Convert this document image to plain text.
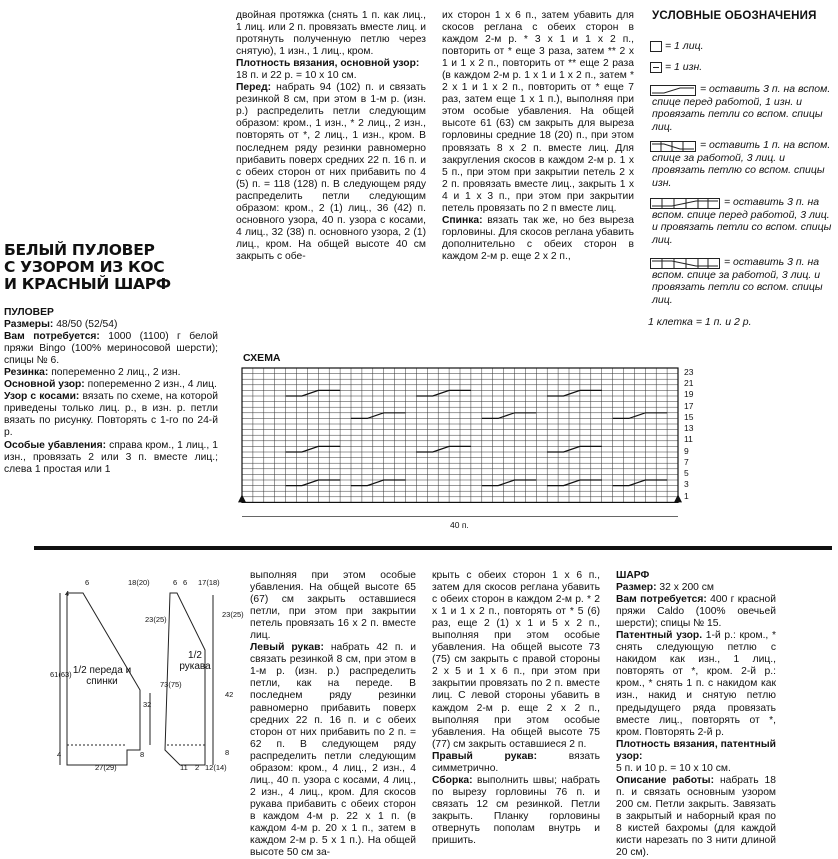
БЕЛЫЙ ПУЛОВЕР
С УЗОРОМ ИЗ КОС
И КРАСНЫЙ ШАРФ

ПУЛОВЕР

Размеры: 48/50 (52/54)

Вам потребуется: 1000 (1100) г белой пряжи Bingo (100% мериносовой шерсти); спицы № 6.

Резинка: попеременно 2 лиц., 2 изн.

Основной узор: попеременно 2 изн., 4 лиц.

Узор с косами: вязать по схеме, на которой приведены только лиц. р., в изн. р. петли вязать по рисунку. Повторять с 1-го по 24-й р.

Особые убавления: справа кром., 1 лиц., 1 изн., провязать 2 или 3 п. вместе лиц.; слева 1 простая или 1

двойная протяжка (снять 1 п. как лиц., 1 лиц. или 2 п. провязать вместе лиц. и протянуть полученную петлю через снятую), 1 изн., 1 лиц., кром.

Плотность вязания, основной узор:

18 п. и 22 р. = 10 х 10 см.

Перед: набрать 94 (102) п. и связать резинкой 8 см, при этом в 1-м р. (изн. р.) распределить петли следующим образом: кром., 1 изн., * 2 лиц., 2 изн., повторять от *, 2 лиц., 1 изн., кром. В последнем ряду резинки равномерно прибавить поверх средних 22 п. 16 п. и с обеих сторон от них прибавить по 4 (5) п. = 118 (128) п. В следующем ряду распределить петли следующим образом: кром., 2 (1) лиц., 36 (42) п. основного узора, 40 п. узора с косами, 4 лиц., 32 (38) п. основного узора, 2 (1) лиц., кром. На общей высоте 40 см закрыть с обе-

их сторон 1 х 6 п., затем убавить для скосов реглана с обеих сторон в каждом 2-м р. * 3 х 1 и 1 х 2 п., повторить от * еще 3 раза, затем ** 2 х 1 и 1 х 2 п., повторить от ** еще 2 раза (в каждом 2-м р. 1 х 1 и 1 х 2 п., затем * 2 х 1 и 1 х 2 п., повторить от * еще 7 раз, затем еще 1 х 1 п.), выполняя при этом особые убавления. На общей высоте 61 (63) см закрыть для выреза горловины средние 18 (20) п., при этом провязать 8 х 2 п. вместе лиц. Для закругления скосов в каждом 2-м р. 1 х 5 п., при этом при закрытии петель 2 х 2 п. провязать вместе лиц., закрыть 1 х 4 и 1 х 3 п., при этом при закрытии петель провязать по 2 п вместе лиц.

Спинка: вязать так же, но без выреза горловины. Для скосов реглана убавить дополнительно с обеих сторон в каждом 2-м р. еще 2 х 2 п.,

УСЛОВНЫЕ ОБОЗНАЧЕНИЯ
= 1 лиц.
= 1 изн.
= оставить 3 п. на вспом. спице перед работой, 1 изн. и провязать петли со вспом. спицы лиц.
= оставить 1 п. на вспом. спице за работой, 3 лиц. и провязать петлю со вспом. спицы изн.
= оставить 3 п. на вспом. спице перед работой, 3 лиц. и провязать петли со вспом. спицы лиц.
= оставить 3 п. на вспом. спице за работой, 3 лиц. и провязать петли со вспом. спицы лиц.
1 клетка = 1 п. и 2 р.
СХЕМА
23
21
19
17
15
13
11
9
7
5
3
1
40 п.
4
6	18(20)
23(25)
61(63)
32
8
27(29)
1/2 переда и спинки
1/2 рукава
6 6 17(18)
23(25)
73(75)
42
8
11 2 12(14)
4

выполняя при этом особые убавления. На общей высоте 65 (67) см закрыть оставшиеся петли, при этом при закрытии петель провязать 16 х 2 п. вместе лиц.

Левый рукав: набрать 42 п. и связать резинкой 8 см, при этом в 1-м р. (изн. р.) распределить петли, как на переде. В последнем ряду резинки равномерно прибавить поверх средних 22 п. 16 п. и с обеих сторон от них прибавить по 2 п. = 62 п. В следующем ряду распределить петли следующим образом: кром., 4 лиц., 2 изн., 4 лиц., 40 п. узора с косами, 4 лиц., 2 изн., 4 лиц., кром. Для скосов рукава прибавить с обеих сторон в каждом 4-м р. 22 х 1 п. (в каждом 4-м р. 20 х 1 п., затем в каждом 2-м р. 5 х 1 п.). На общей высоте 50 см за-

крыть с обеих сторон 1 х 6 п., затем для скосов реглана убавить с обеих сторон в каждом 2-м р. * 2 х 1 и 1 х 2 п., повторять от * 5 (6) раз, еще 2 (1) х 1 и 5 х 2 п., выполняя при этом особые убавления. На общей высоте 73 (75) см закрыть с правой стороны 2 х 5 и 1 х 6 п., при этом при закрытии провязать по 2 п. вместе лиц. С левой стороны убавить в каждом 2-м р. еще 2 х 2 п., выполняя при этом особые убавления. На общей высоте 75 (77) см закрыть оставшиеся 2 п.

Правый рукав:	вязать симметрично.

Сборка: выполнить швы; набрать по вырезу горловины 76 п. и связать 12 см резинкой. Петли закрыть. Планку горловины отвернуть пополам внутрь и пришить.

ШАРФ

Размер: 32 х 200 см

Вам потребуется: 400 г красной пряжи Caldo (100% овечьей шерсти); спицы № 15.

Патентный узор. 1-й р.: кром., * снять следующую петлю с накидом как изн., 1 лиц., повторять от *, кром. 2-й р.: кром., * снять 1 п. с накидом как изн., накид и снятую петлю предыдущего ряда провязать вместе лиц., повторять от *, кром. Повторять 2-й р.

Плотность вязания, патентный узор:

5 п. и 10 р. = 10 х 10 см.

Описание работы: набрать 18 п. и связать основным узором 200 см. Петли закрыть. Завязать в закрытый и наборный края по 8 кистей бахромы (для каждой кисти нарезать по 3 нити длиной 20 см).
